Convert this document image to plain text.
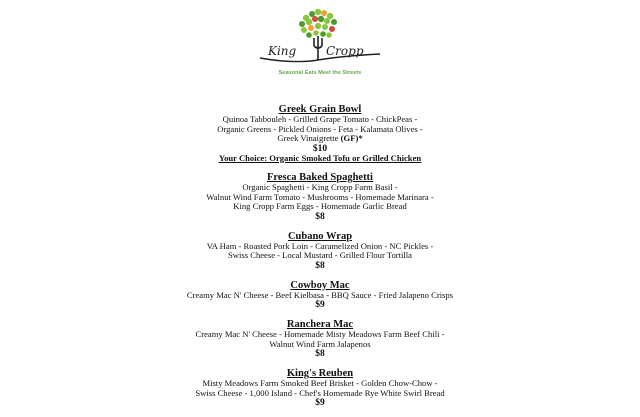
King Cropp
Seasonal Eats Meet the Streets
Greek Grain Bowl
Quinoa Tabbouleh - Grilled Grape Tomato - ChickPeas -
Organic Greens - Pickled Onions - Feta - Kalamata Olives -
Greek Vinaigrette (GF)*
$10
Your Choice: Organic Smoked Tofu or Grilled Chicken
Fresca Baked Spaghetti
Organic Spaghetti - King Cropp Farm Basil -
Walnut Wind Farm Tomato - Mushrooms - Homemade Marinara -
King Cropp Farm Eggs - Homemade Garlic Bread
$8
Cubano Wrap
VA Ham - Roasted Pork Loin - Caramelized Onion - NC Pickles -
Swiss Cheese - Local Mustard - Grilled Flour Tortilla
$8
Cowboy Mac
Creamy Mac N' Cheese - Beef Kielbasa - BBQ Sauce - Fried Jalapeno Crisps
$9
Ranchera Mac
Creamy Mac N' Cheese - Homemade Misty Meadows Farm Beef Chili -
Walnut Wind Farm Jalapenos
$8
King's Reuben
Misty Meadows Farm Smoked Beef Brisket - Golden Chow-Chow -
Swiss Cheese - 1,000 Island - Chef's Homemade Rye White Swirl Bread
$9
